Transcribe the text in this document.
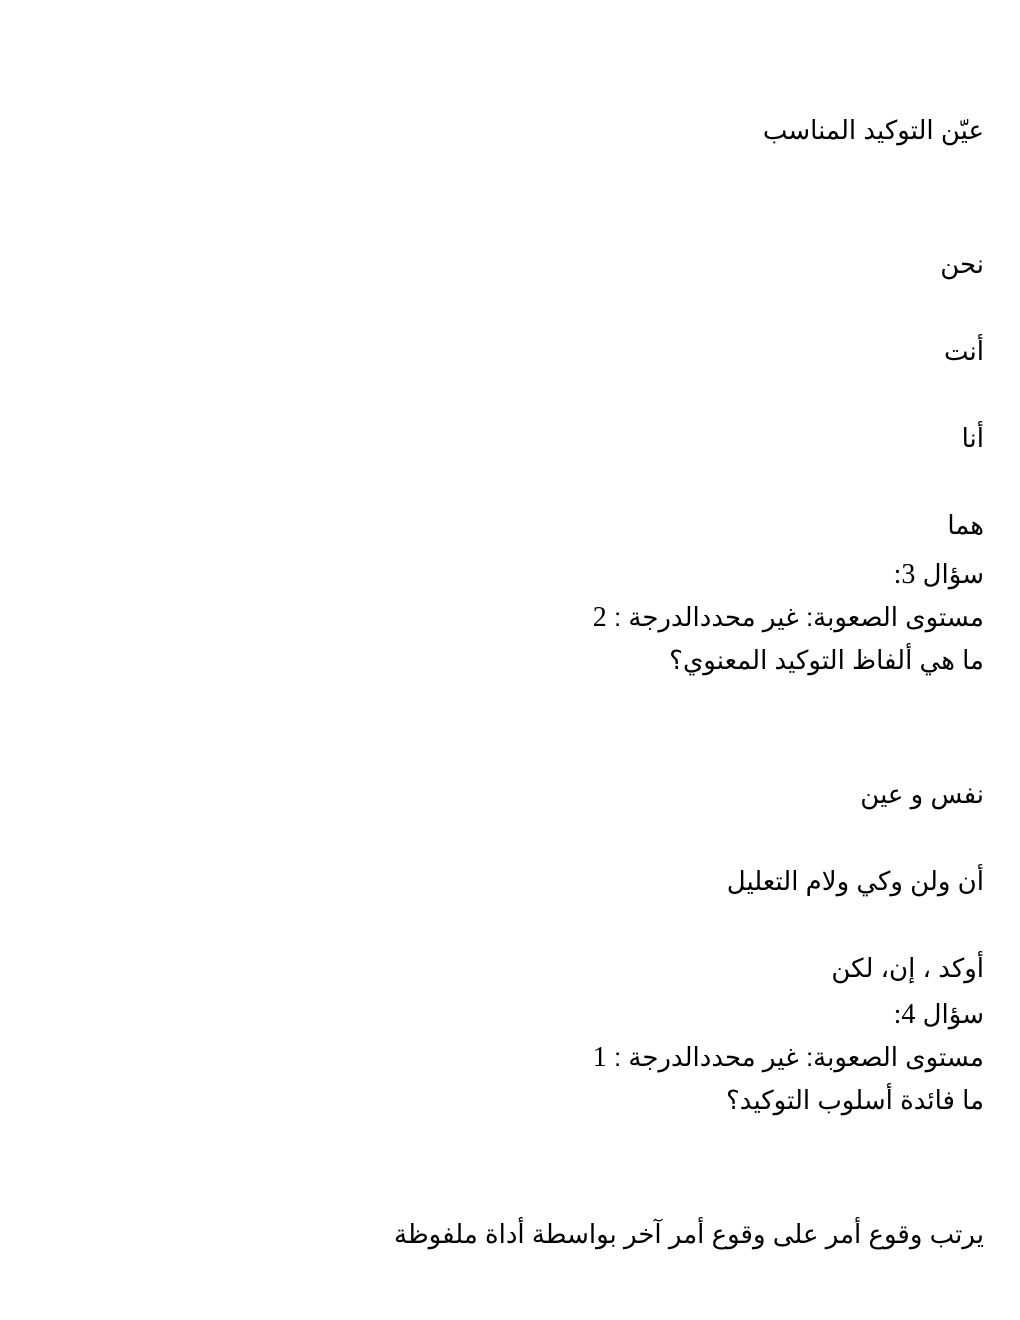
عيّن التوكيد المناسب
نحن
أنت
أنا
هما
سؤال 3:
مستوى الصعوبة: غير محددالدرجة : 2
ما هي ألفاظ التوكيد المعنوي؟
نفس و عين
أن ولن وكي ولام التعليل
أوكد ، إن، لكن
سؤال 4:
مستوى الصعوبة: غير محددالدرجة : 1
ما فائدة أسلوب التوكيد؟
يرتب وقوع أمر على وقوع أمر آخر بواسطة أداة ملفوظة
